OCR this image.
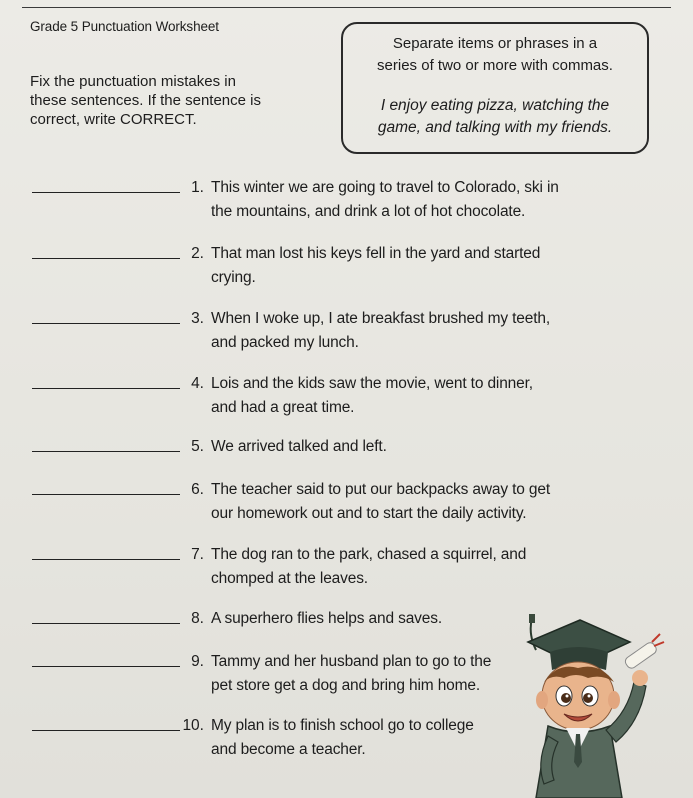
Grade 5 Punctuation Worksheet
Fix the punctuation mistakes in
these sentences. If the sentence is
correct, write CORRECT.
Separate items or phrases in a
series of two or more with commas.
I enjoy eating pizza, watching the
game, and talking with my friends.
1. This winter we are going to travel to Colorado, ski in
the mountains, and drink a lot of hot chocolate.
2. That man lost his keys fell in the yard and started
crying.
3. When I woke up, I ate breakfast brushed my teeth,
and packed my lunch.
4. Lois and the kids saw the movie, went to dinner,
and had a great time.
5. We arrived talked and left.
6. The teacher said to put our backpacks away to get
our homework out and to start the daily activity.
7. The dog ran to the park, chased a squirrel, and
chomped at the leaves.
8. A superhero flies helps and saves.
9. Tammy and her husband plan to go to the
pet store get a dog and bring him home.
10. My plan is to finish school go to college
and become a teacher.
